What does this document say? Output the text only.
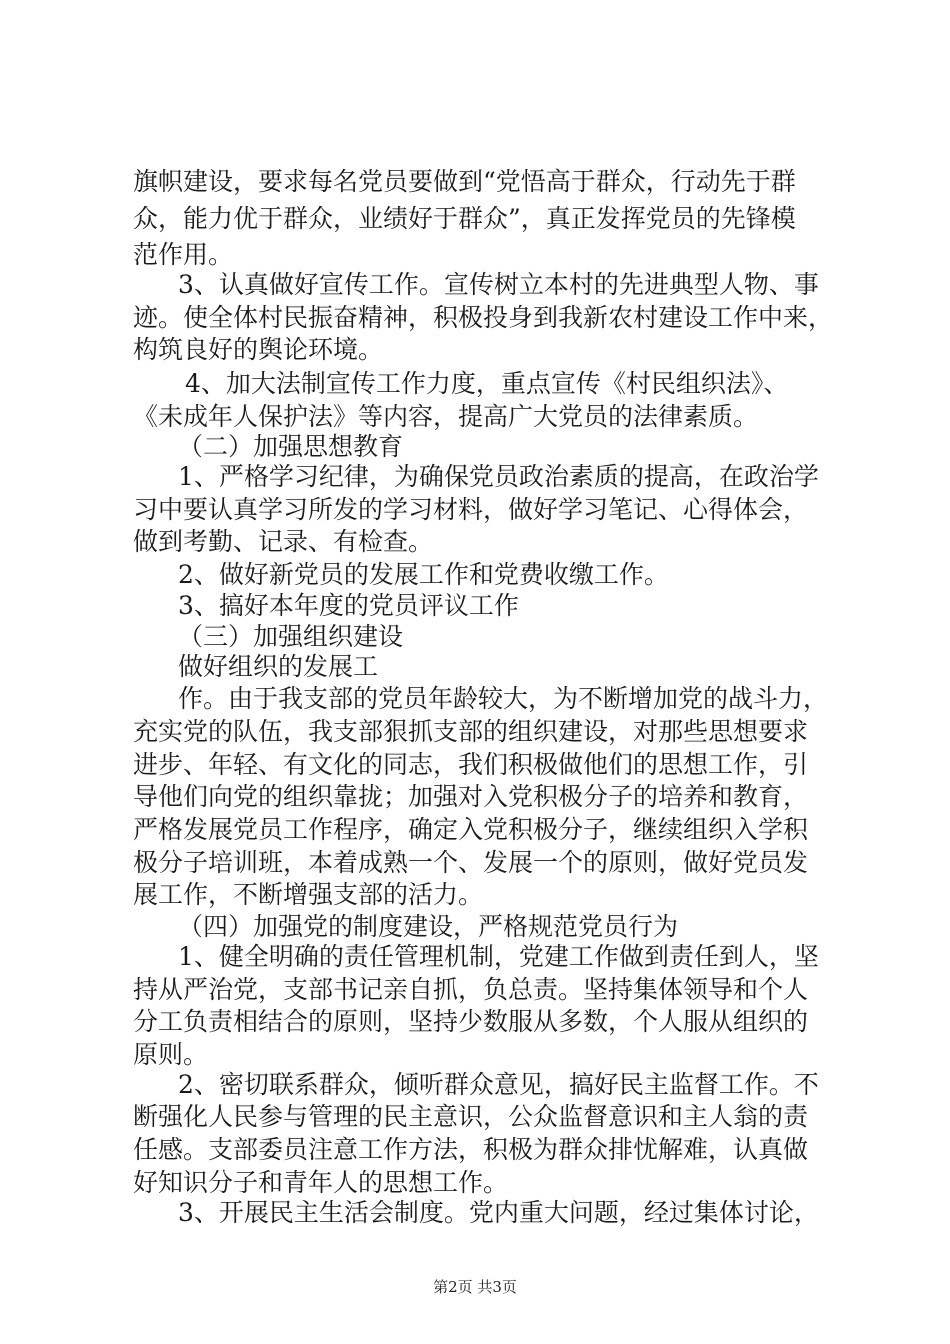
旗帜建设，要求每名党员要做到“党悟高于群众，行动先于群
众，能力优于群众，业绩好于群众”，真正发挥党员的先锋模
范作用。
3、认真做好宣传工作。宣传树立本村的先进典型人物、事
迹。使全体村民振奋精神，积极投身到我新农村建设工作中来，
构筑良好的舆论环境。
4、加大法制宣传工作力度，重点宣传《村民组织法》、
《未成年人保护法》等内容，提高广大党员的法律素质。
（二）加强思想教育
1、严格学习纪律，为确保党员政治素质的提高，在政治学
习中要认真学习所发的学习材料，做好学习笔记、心得体会，
做到考勤、记录、有检查。
2、做好新党员的发展工作和党费收缴工作。
3、搞好本年度的党员评议工作
（三）加强组织建设
做好组织的发展工
作。由于我支部的党员年龄较大，为不断增加党的战斗力，
充实党的队伍，我支部狠抓支部的组织建设，对那些思想要求
进步、年轻、有文化的同志，我们积极做他们的思想工作，引
导他们向党的组织靠拢；加强对入党积极分子的培养和教育，
严格发展党员工作程序，确定入党积极分子，继续组织入学积
极分子培训班，本着成熟一个、发展一个的原则，做好党员发
展工作，不断增强支部的活力。
（四）加强党的制度建设，严格规范党员行为
1、健全明确的责任管理机制，党建工作做到责任到人，坚
持从严治党，支部书记亲自抓，负总责。坚持集体领导和个人
分工负责相结合的原则，坚持少数服从多数，个人服从组织的
原则。
2、密切联系群众，倾听群众意见，搞好民主监督工作。不
断强化人民参与管理的民主意识，公众监督意识和主人翁的责
任感。支部委员注意工作方法，积极为群众排忧解难，认真做
好知识分子和青年人的思想工作。
3、开展民主生活会制度。党内重大问题，经过集体讨论，
第2页 共3页
